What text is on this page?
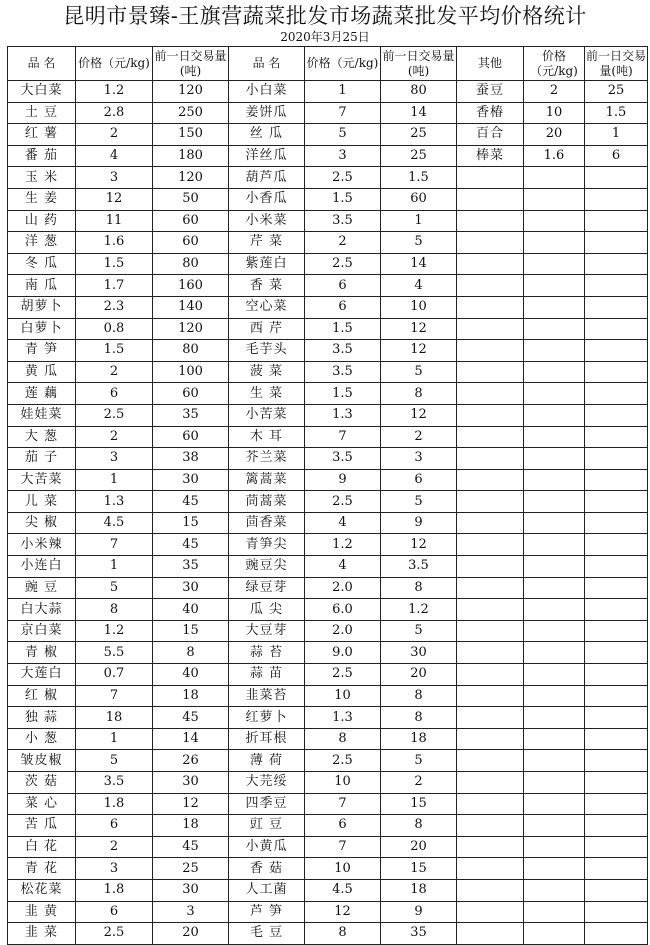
昆明市景臻-王旗营蔬菜批发市场蔬菜批发平均价格统计
2020年3月25日
品 名	价格（元/kg)	前一日交易量(吨)	品 名	价格（元/kg)	前一日交易量(吨)	其他	价格（元/kg)	前一日交易量(吨)
大白菜	1.2	120	小白菜	1	80	蚕豆	2	25
土 豆	2.8	250	姜饼瓜	7	14	香椿	10	1.5
红 薯	2	150	丝 瓜	5	25	百合	20	1
番 茄	4	180	洋丝瓜	3	25	棒菜	1.6	6
玉 米	3	120	葫芦瓜	2.5	1.5			
生 姜	12	50	小香瓜	1.5	60			
山 药	11	60	小米菜	3.5	1			
洋 葱	1.6	60	芹 菜	2	5			
冬 瓜	1.5	80	紫莲白	2.5	14			
南 瓜	1.7	160	香 菜	6	4			
胡萝卜	2.3	140	空心菜	6	10			
白萝卜	0.8	120	西 芹	1.5	12			
青 笋	1.5	80	毛芋头	3.5	12			
黄 瓜	2	100	菠 菜	3.5	5			
莲 藕	6	60	生 菜	1.5	8			
娃娃菜	2.5	35	小苦菜	1.3	12			
大 葱	2	60	木 耳	7	2			
茄 子	3	38	芥兰菜	3.5	3			
大苦菜	1	30	篱蒿菜	9	6			
儿 菜	1.3	45	茼蒿菜	2.5	5			
尖 椒	4.5	15	茴香菜	4	9			
小米辣	7	45	青笋尖	1.2	12			
小连白	1	35	豌豆尖	4	3.5			
豌 豆	5	30	绿豆芽	2.0	8			
白大蒜	8	40	瓜 尖	6.0	1.2			
京白菜	1.2	15	大豆芽	2.0	5			
青 椒	5.5	8	蒜 苔	9.0	30			
大莲白	0.7	40	蒜 苗	2.5	20			
红 椒	7	18	韭菜苔	10	8			
独 蒜	18	45	红萝卜	1.3	8			
小 葱	1	14	折耳根	8	18			
皱皮椒	5	26	薄 荷	2.5	5			
茨 菇	3.5	30	大芫绥	10	2			
菜 心	1.8	12	四季豆	7	15			
苦 瓜	6	18	豇 豆	6	8			
白 花	2	45	小黄瓜	7	20			
青 花	3	25	香 菇	10	15			
松花菜	1.8	30	人工菌	4.5	18			
韭 黄	6	3	芦 笋	12	9			
韭 菜	2.5	20	毛 豆	8	35			
